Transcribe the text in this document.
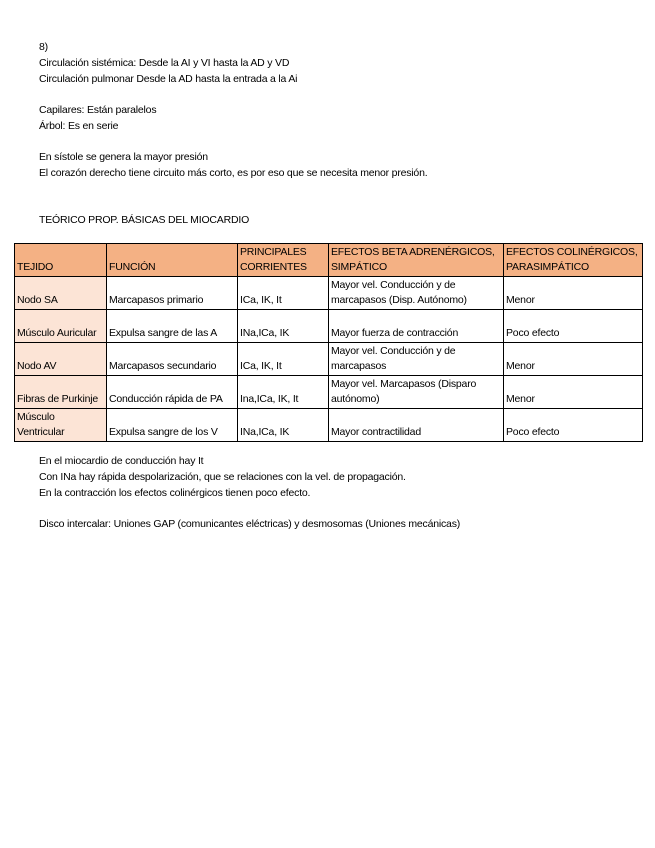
8)
Circulación sistémica: Desde la AI y VI hasta la AD y VD
Circulación pulmonar Desde la AD hasta la entrada a la Ai
Capilares: Están paralelos
Árbol: Es en serie
En sístole se genera la mayor presión
El corazón derecho tiene circuito más corto, es por eso que se necesita menor presión.
TEÓRICO PROP. BÁSICAS DEL MIOCARDIO
TEJIDO	FUNCIÓN	PRINCIPALES CORRIENTES	EFECTOS BETA ADRENÉRGICOS, SIMPÁTICO	EFECTOS COLINÉRGICOS, PARASIMPÁTICO
Nodo SA	Marcapasos primario	ICa, IK, It	Mayor vel. Conducción y de marcapasos (Disp. Autónomo)	Menor
Músculo Auricular	Expulsa sangre de las A	INa,ICa, IK	Mayor fuerza de contracción	Poco efecto
Nodo AV	Marcapasos secundario	ICa, IK, It	Mayor vel. Conducción y de marcapasos	Menor
Fibras de Purkinje	Conducción rápida de PA	Ina,ICa, IK, It	Mayor vel. Marcapasos (Disparo autónomo)	Menor
Músculo Ventricular	Expulsa sangre de los V	INa,ICa, IK	Mayor contractilidad	Poco efecto
En el miocardio de conducción hay It
Con INa hay rápida despolarización, que se relaciones con la vel. de propagación.
En la contracción los efectos colinérgicos tienen poco efecto.
Disco intercalar: Uniones GAP (comunicantes eléctricas) y desmosomas (Uniones mecánicas)
